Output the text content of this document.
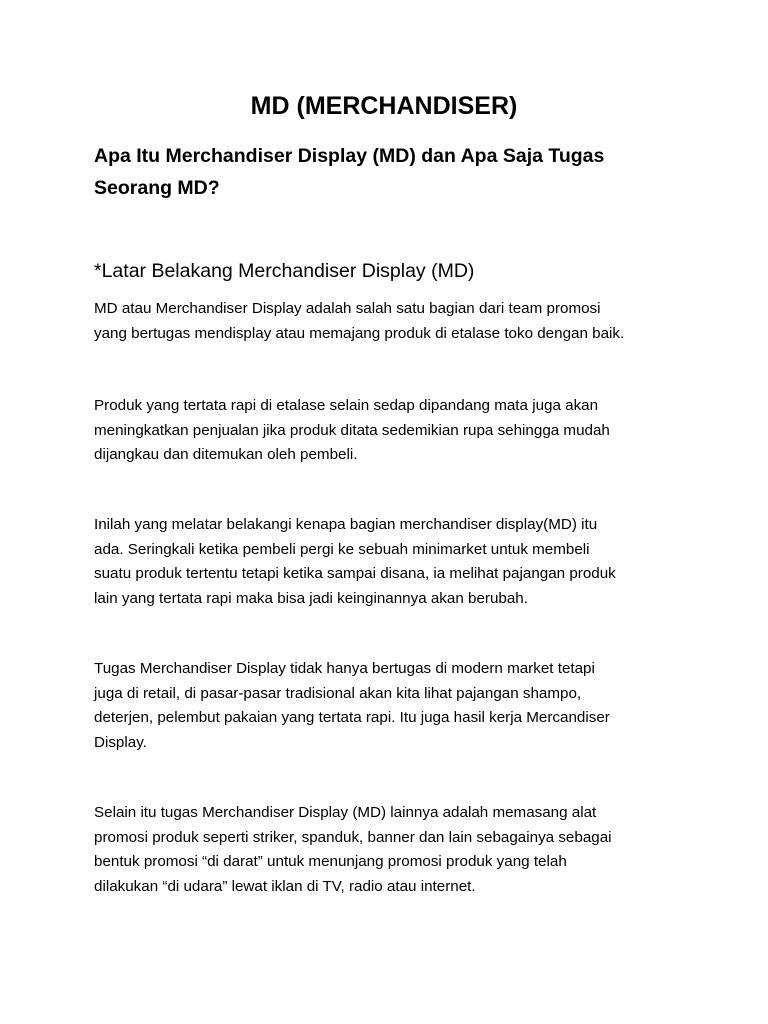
MD (MERCHANDISER)
Apa Itu Merchandiser Display (MD) dan Apa Saja Tugas
Seorang MD?
*Latar Belakang Merchandiser Display (MD)

MD atau Merchandiser Display adalah salah satu bagian dari team promosi
yang bertugas mendisplay atau memajang produk di etalase toko dengan baik.

Produk yang tertata rapi di etalase selain sedap dipandang mata juga akan
meningkatkan penjualan jika produk ditata sedemikian rupa sehingga mudah
dijangkau dan ditemukan oleh pembeli.

Inilah yang melatar belakangi kenapa bagian merchandiser display(MD) itu
ada. Seringkali ketika pembeli pergi ke sebuah minimarket untuk membeli
suatu produk tertentu tetapi ketika sampai disana, ia melihat pajangan produk
lain yang tertata rapi maka bisa jadi keinginannya akan berubah.

Tugas Merchandiser Display tidak hanya bertugas di modern market tetapi
juga di retail, di pasar-pasar tradisional akan kita lihat pajangan shampo,
deterjen, pelembut pakaian yang tertata rapi. Itu juga hasil kerja Mercandiser
Display.

Selain itu tugas Merchandiser Display (MD) lainnya adalah memasang alat
promosi produk seperti striker, spanduk, banner dan lain sebagainya sebagai
bentuk promosi “di darat” untuk menunjang promosi produk yang telah
dilakukan “di udara” lewat iklan di TV, radio atau internet.
